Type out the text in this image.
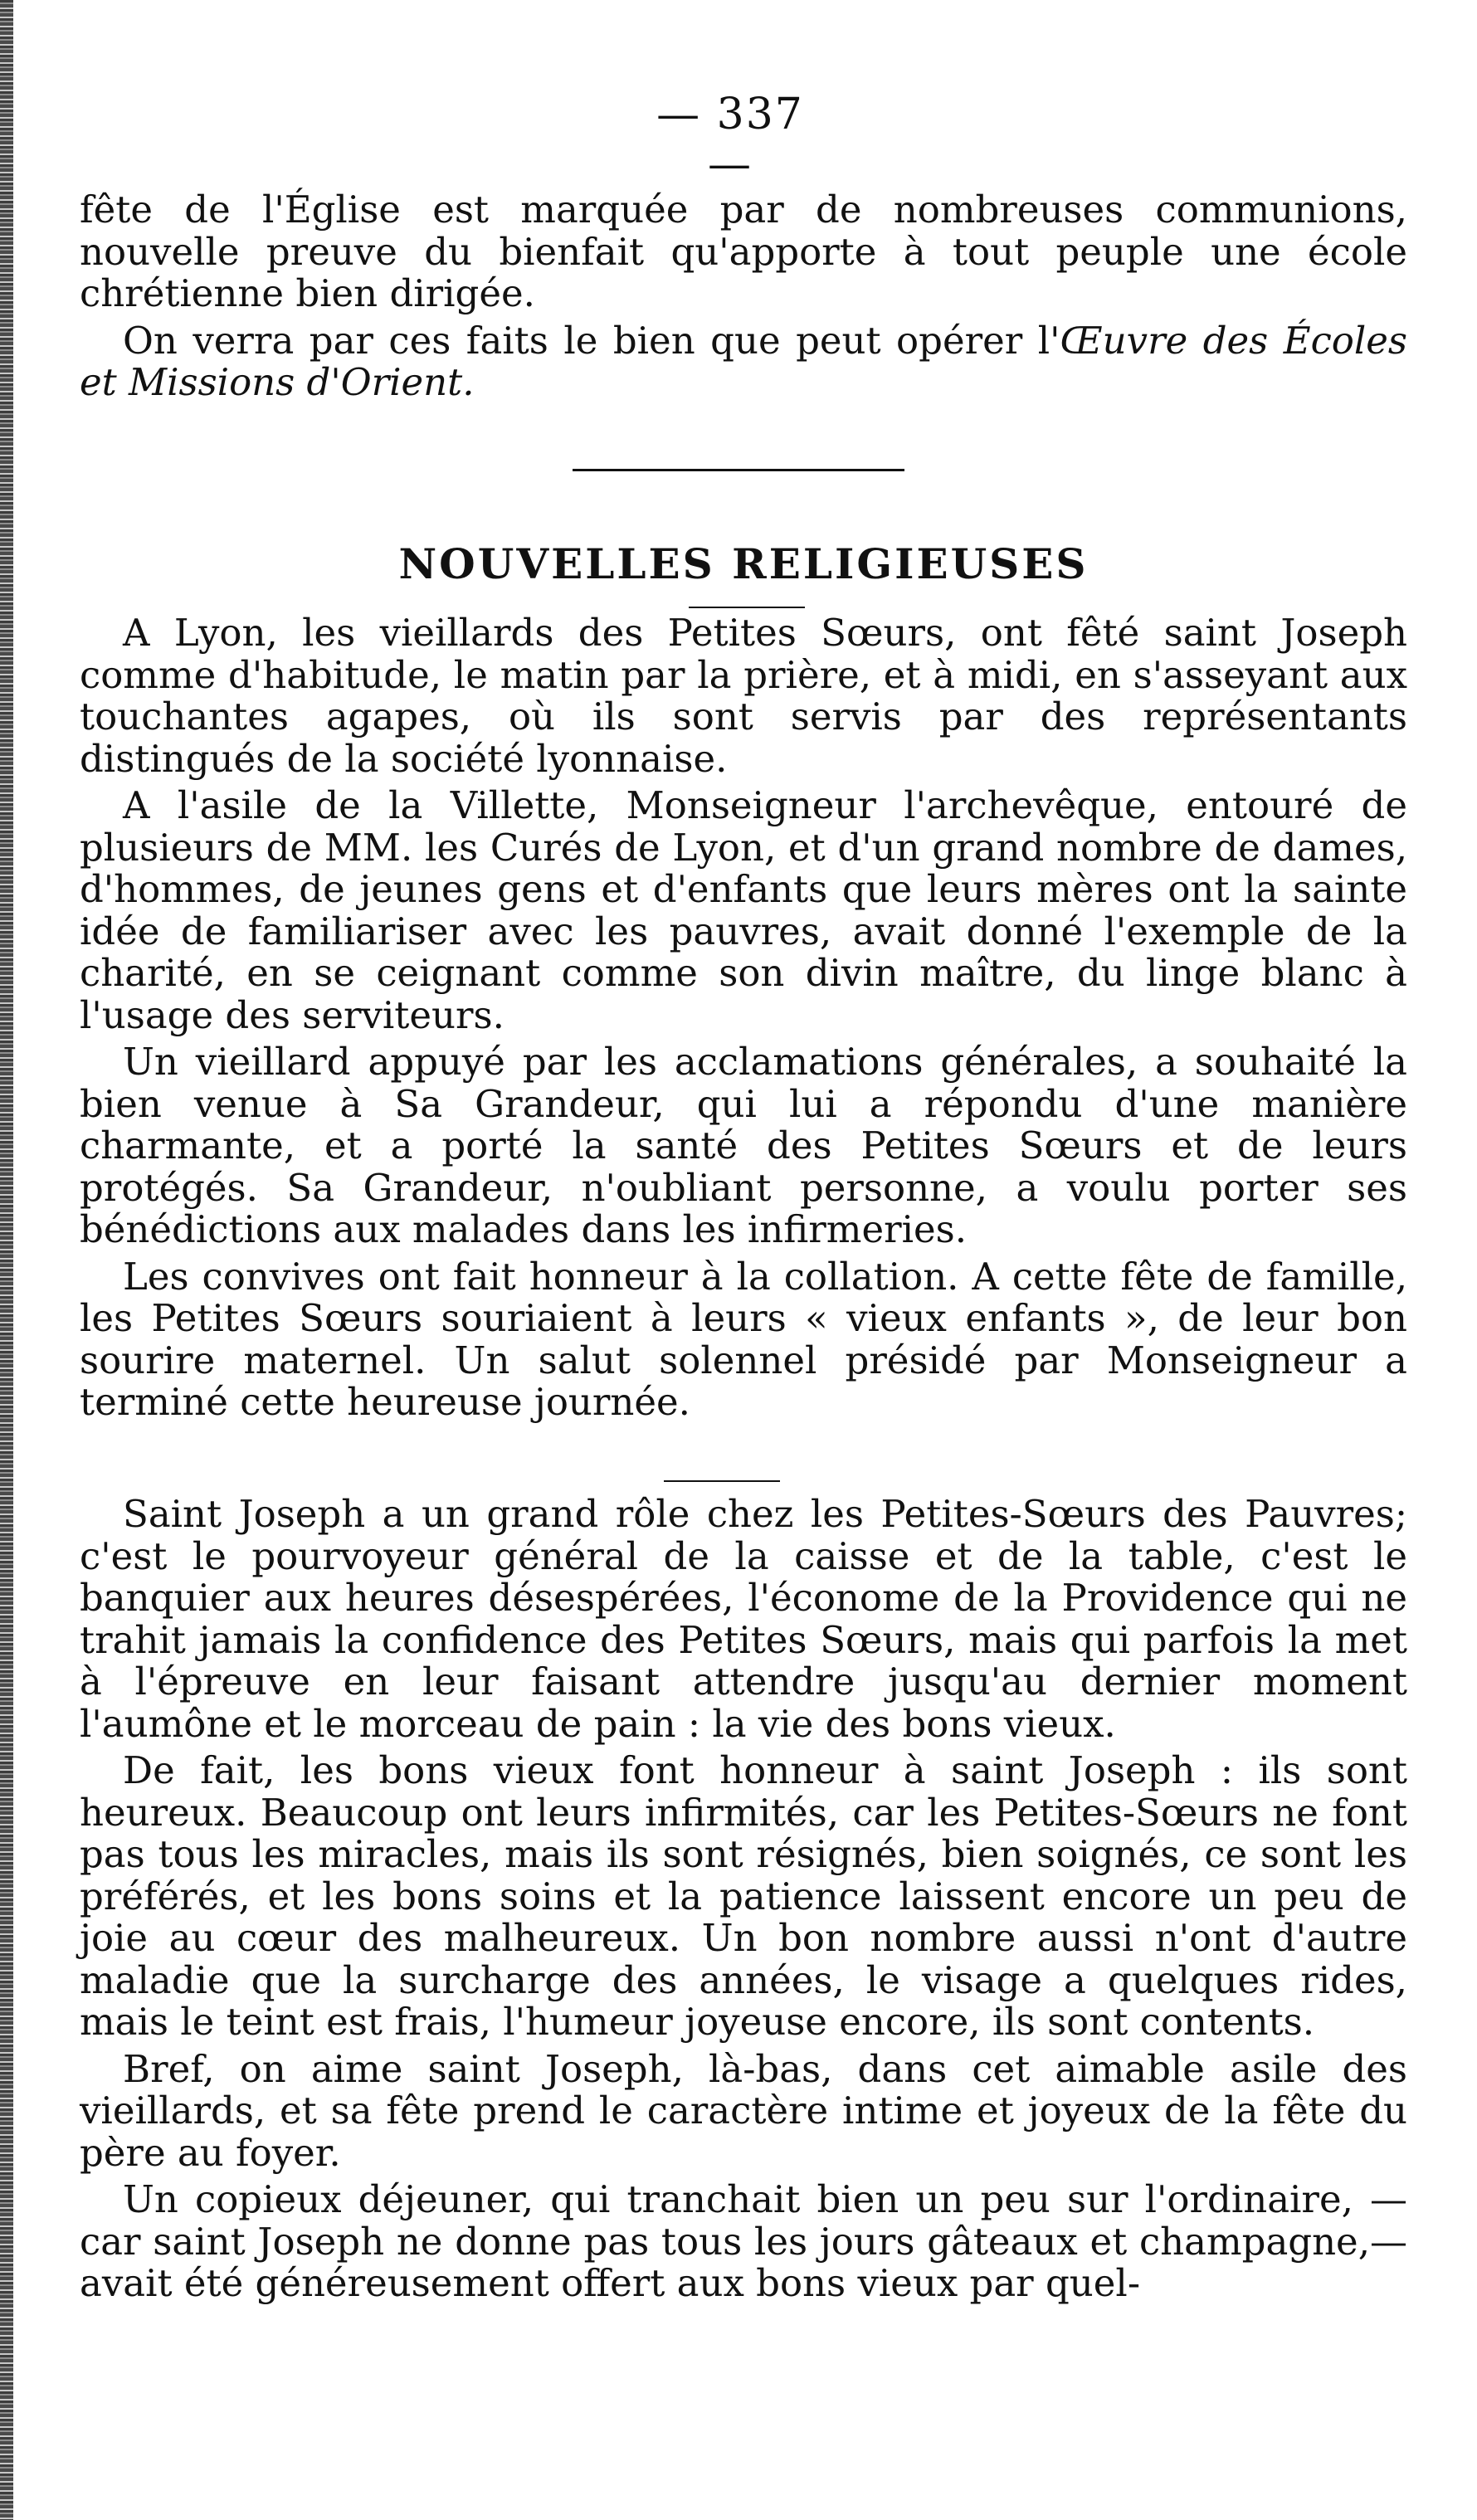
— 337 —

fête de l'Église est marquée par de nombreuses communions, nouvelle preuve du bienfait qu'apporte à tout peuple une école chrétienne bien dirigée.

On verra par ces faits le bien que peut opérer l'Œuvre des Écoles et Missions d'Orient.

NOUVELLES RELIGIEUSES

A Lyon, les vieillards des Petites Sœurs, ont fêté saint Joseph comme d'habitude, le matin par la prière, et à midi, en s'asseyant aux touchantes agapes, où ils sont servis par des représentants distingués de la société lyonnaise.

A l'asile de la Villette, Monseigneur l'archevêque, entouré de plusieurs de MM. les Curés de Lyon, et d'un grand nombre de dames, d'hommes, de jeunes gens et d'enfants que leurs mères ont la sainte idée de familiariser avec les pauvres, avait donné l'exemple de la charité, en se ceignant comme son divin maître, du linge blanc à l'usage des serviteurs.

Un vieillard appuyé par les acclamations générales, a souhaité la bien venue à Sa Grandeur, qui lui a répondu d'une manière charmante, et a porté la santé des Petites Sœurs et de leurs protégés. Sa Grandeur, n'oubliant personne, a voulu porter ses bénédictions aux malades dans les infirmeries.

Les convives ont fait honneur à la collation. A cette fête de famille, les Petites Sœurs souriaient à leurs « vieux enfants », de leur bon sourire maternel. Un salut solennel présidé par Monseigneur a terminé cette heureuse journée.

Saint Joseph a un grand rôle chez les Petites-Sœurs des Pauvres; c'est le pourvoyeur général de la caisse et de la table, c'est le banquier aux heures désespérées, l'économe de la Providence qui ne trahit jamais la confidence des Petites Sœurs, mais qui parfois la met à l'épreuve en leur faisant attendre jusqu'au dernier moment l'aumône et le morceau de pain : la vie des bons vieux.

De fait, les bons vieux font honneur à saint Joseph : ils sont heureux. Beaucoup ont leurs infirmités, car les Petites-Sœurs ne font pas tous les miracles, mais ils sont résignés, bien soignés, ce sont les préférés, et les bons soins et la patience laissent encore un peu de joie au cœur des malheureux. Un bon nombre aussi n'ont d'autre maladie que la surcharge des années, le visage a quelques rides, mais le teint est frais, l'humeur joyeuse encore, ils sont contents.

Bref, on aime saint Joseph, là-bas, dans cet aimable asile des vieillards, et sa fête prend le caractère intime et joyeux de la fête du père au foyer.

Un copieux déjeuner, qui tranchait bien un peu sur l'ordinaire, —car saint Joseph ne donne pas tous les jours gâteaux et champagne,—avait été généreusement offert aux bons vieux par quel-
